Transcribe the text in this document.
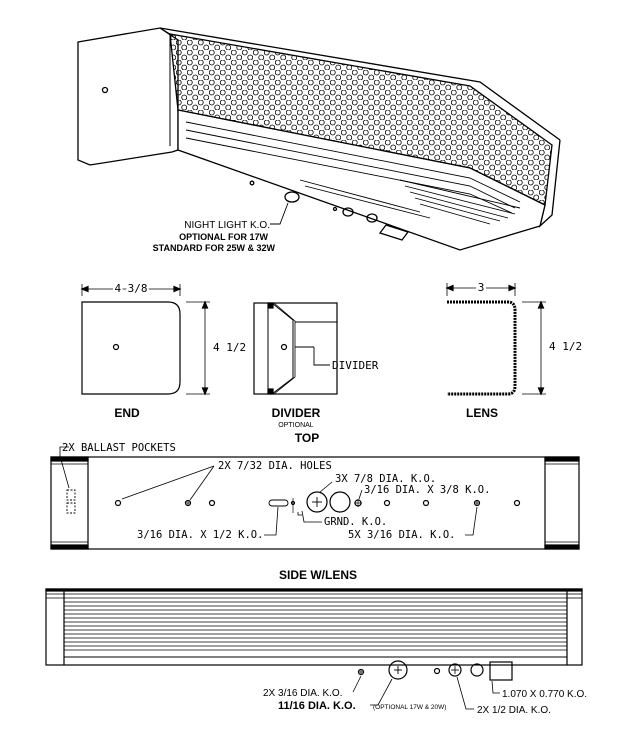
NIGHT LIGHT K.O.
OPTIONAL FOR 17W
STANDARD FOR 25W & 32W
4 3/8
4 1/2
END
DIVIDER
DIVIDER
OPTIONAL
3
4 1/2
LENS
TOP
2X BALLAST POCKETS
2X 7/32 DIA. HOLES
3X 7/8 DIA. K.O.
3/16 DIA. X 3/8 K.O.
3/16 DIA. X 1/2 K.O.
GRND. K.O.
5X 3/16 DIA. K.O.
SIDE W/LENS
2X 3/16 DIA. K.O.
11/16 DIA. K.O.	(OPTIONAL 17W & 20W)
1.070 X 0.770 K.O.
2X 1/2 DIA. K.O.
